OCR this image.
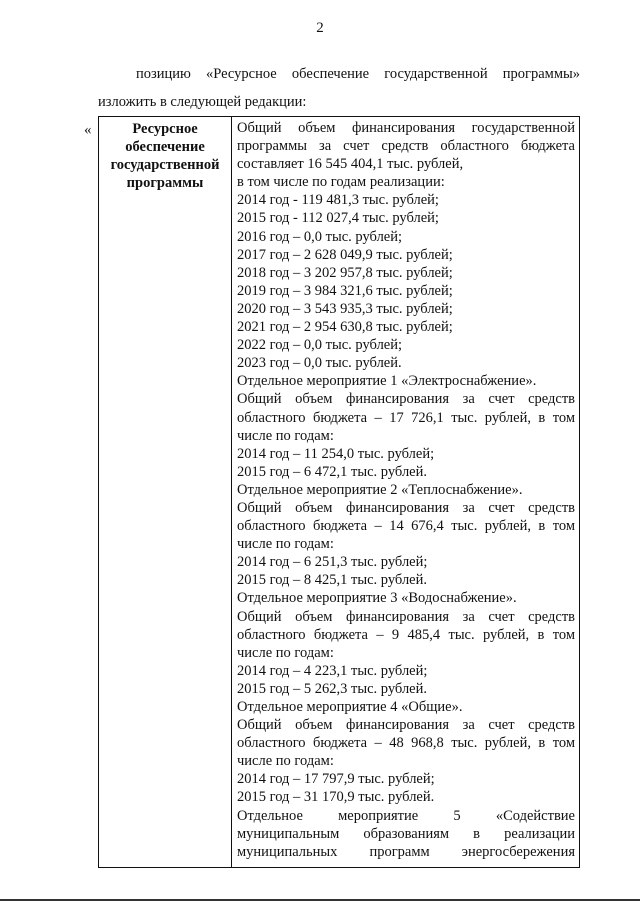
2

позицию «Ресурсное обеспечение государственной программы»

изложить в следующей редакции:

«	Ресурсное
обеспечение
государственной
программы

Общий объем финансирования государственной
программы за счет средств областного бюджета
составляет 16 545 404,1 тыс. рублей,
в том числе по годам реализации:
2014 год - 119 481,3 тыс. рублей;
2015 год - 112 027,4 тыс. рублей;
2016 год – 0,0 тыс. рублей;
2017 год – 2 628 049,9 тыс. рублей;
2018 год – 3 202 957,8 тыс. рублей;
2019 год – 3 984 321,6 тыс. рублей;
2020 год – 3 543 935,3 тыс. рублей;
2021 год – 2 954 630,8 тыс. рублей;
2022 год – 0,0 тыс. рублей;
2023 год – 0,0 тыс. рублей.
Отдельное мероприятие 1 «Электроснабжение».
Общий объем финансирования за счет средств
областного бюджета – 17 726,1 тыс. рублей, в том
числе по годам:
2014 год – 11 254,0 тыс. рублей;
2015 год – 6 472,1 тыс. рублей.
Отдельное мероприятие 2 «Теплоснабжение».
Общий объем финансирования за счет средств
областного бюджета – 14 676,4 тыс. рублей, в том
числе по годам:
2014 год – 6 251,3 тыс. рублей;
2015 год – 8 425,1 тыс. рублей.
Отдельное мероприятие 3 «Водоснабжение».
Общий объем финансирования за счет средств
областного бюджета – 9 485,4 тыс. рублей, в том
числе по годам:
2014 год – 4 223,1 тыс. рублей;
2015 год – 5 262,3 тыс. рублей.
Отдельное мероприятие 4 «Общие».
Общий объем финансирования за счет средств
областного бюджета – 48 968,8 тыс. рублей, в том
числе по годам:
2014 год – 17 797,9 тыс. рублей;
2015 год – 31 170,9 тыс. рублей.
Отдельное мероприятие 5 «Содействие
муниципальным образованиям в реализации
муниципальных программ энергосбережения
